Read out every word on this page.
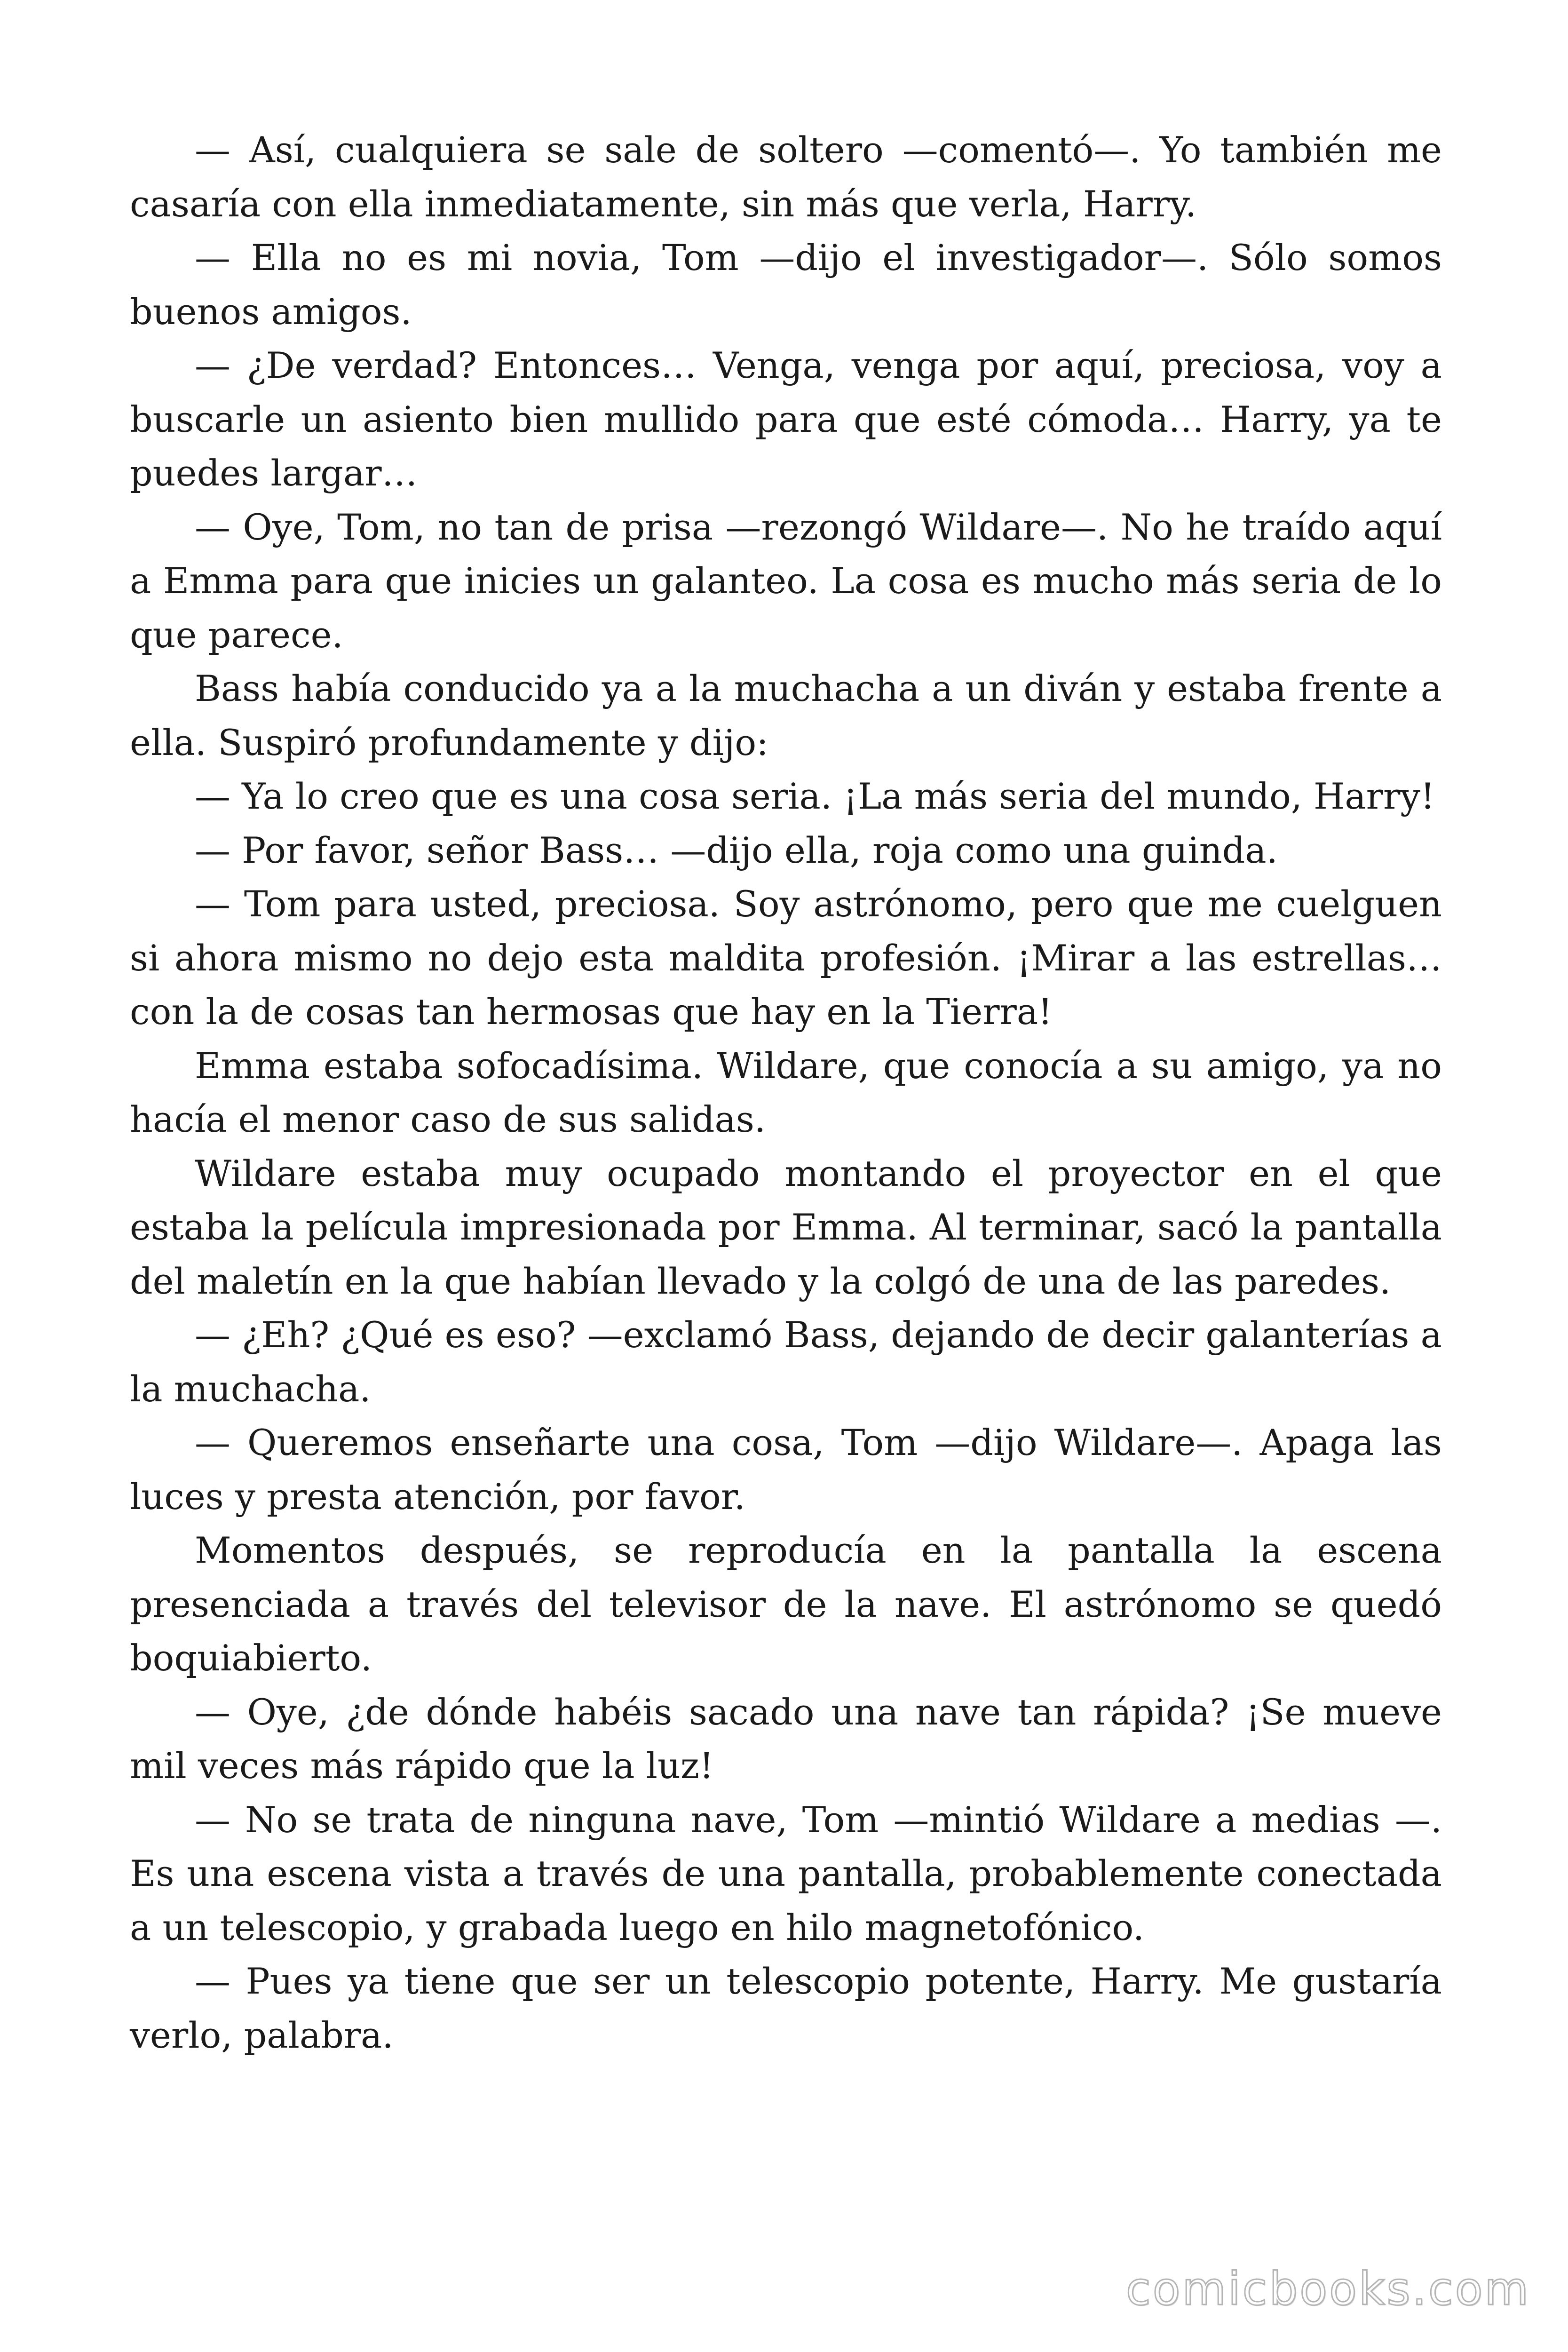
— Así, cualquiera se sale de soltero —comentó—. Yo también me casaría con ella inmediatamente, sin más que verla, Harry.

— Ella no es mi novia, Tom —dijo el investigador—. Sólo somos buenos amigos.

— ¿De verdad? Entonces… Venga, venga por aquí, preciosa, voy a buscarle un asiento bien mullido para que esté cómoda… Harry, ya te puedes largar…

— Oye, Tom, no tan de prisa —rezongó Wildare—. No he traído aquí a Emma para que inicies un galanteo. La cosa es mucho más seria de lo que parece.

Bass había conducido ya a la muchacha a un diván y estaba frente a ella. Suspiró profundamente y dijo:

— Ya lo creo que es una cosa seria. ¡La más seria del mundo, Harry!

— Por favor, señor Bass… —dijo ella, roja como una guinda.

— Tom para usted, preciosa. Soy astrónomo, pero que me cuelguen si ahora mismo no dejo esta maldita profesión. ¡Mirar a las estrellas… con la de cosas tan hermosas que hay en la Tierra!

Emma estaba sofocadísima. Wildare, que conocía a su amigo, ya no hacía el menor caso de sus salidas.

Wildare estaba muy ocupado montando el proyector en el que estaba la película impresionada por Emma. Al terminar, sacó la pantalla del maletín en la que habían llevado y la colgó de una de las paredes.

— ¿Eh? ¿Qué es eso? —exclamó Bass, dejando de decir galanterías a la muchacha.

— Queremos enseñarte una cosa, Tom —dijo Wildare—. Apaga las luces y presta atención, por favor.

Momentos después, se reproducía en la pantalla la escena presenciada a través del televisor de la nave. El astrónomo se quedó boquiabierto.

— Oye, ¿de dónde habéis sacado una nave tan rápida? ¡Se mueve mil veces más rápido que la luz!

— No se trata de ninguna nave, Tom —mintió Wildare a medias —. Es una escena vista a través de una pantalla, probablemente conectada a un telescopio, y grabada luego en hilo magnetofónico.

— Pues ya tiene que ser un telescopio potente, Harry. Me gustaría verlo, palabra.

comicbooks.com
